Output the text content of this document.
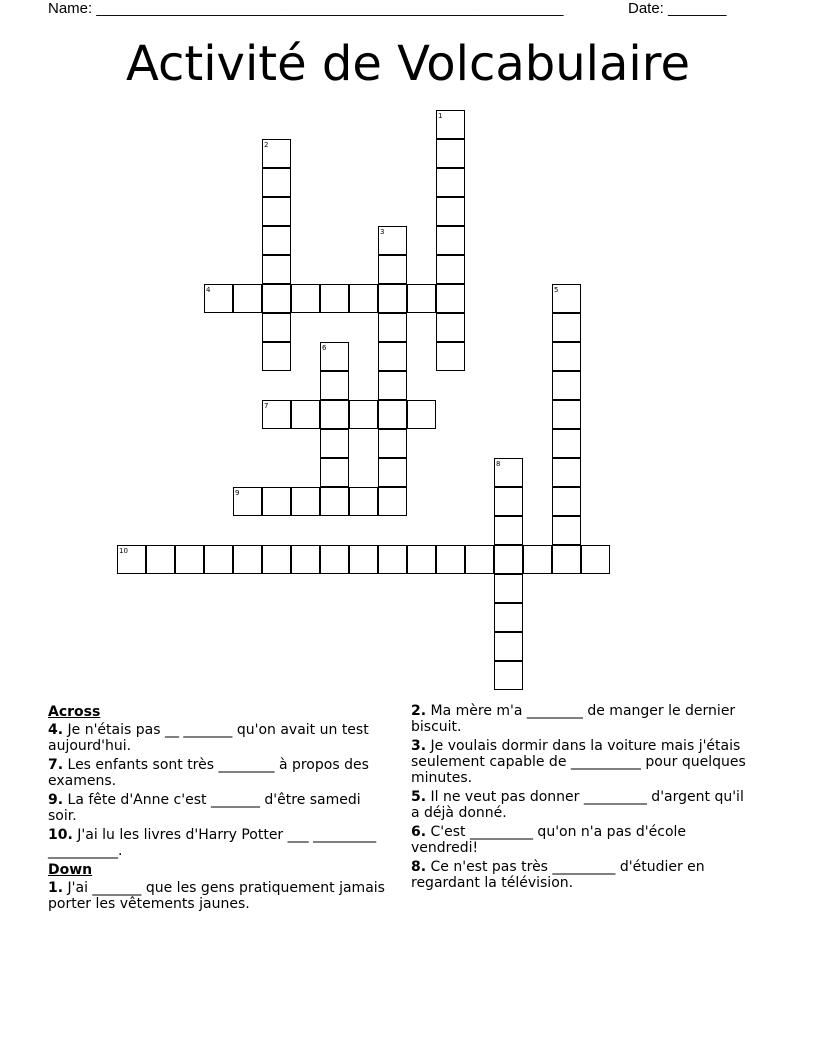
Name: ________________________________________________________	Date: _______
Activité de Volcabulaire
1
2
3
4	5
6
7
8
9
10
Across
4. Je n'étais pas __ _______ qu'on avait un test aujourd'hui.
7. Les enfants sont très ________ à propos des examens.
9. La fête d'Anne c'est _______ d'être samedi soir.
10. J'ai lu les livres d'Harry Potter ___ _________ __________.
Down
1. J'ai _______ que les gens pratiquement jamais porter les vêtements jaunes.
2. Ma mère m'a ________ de manger le dernier biscuit.
3. Je voulais dormir dans la voiture mais j'étais seulement capable de __________ pour quelques minutes.
5. Il ne veut pas donner _________ d'argent qu'il a déjà donné.
6. C'est _________ qu'on n'a pas d'école vendredi!
8. Ce n'est pas très _________ d'étudier en regardant la télévision.
